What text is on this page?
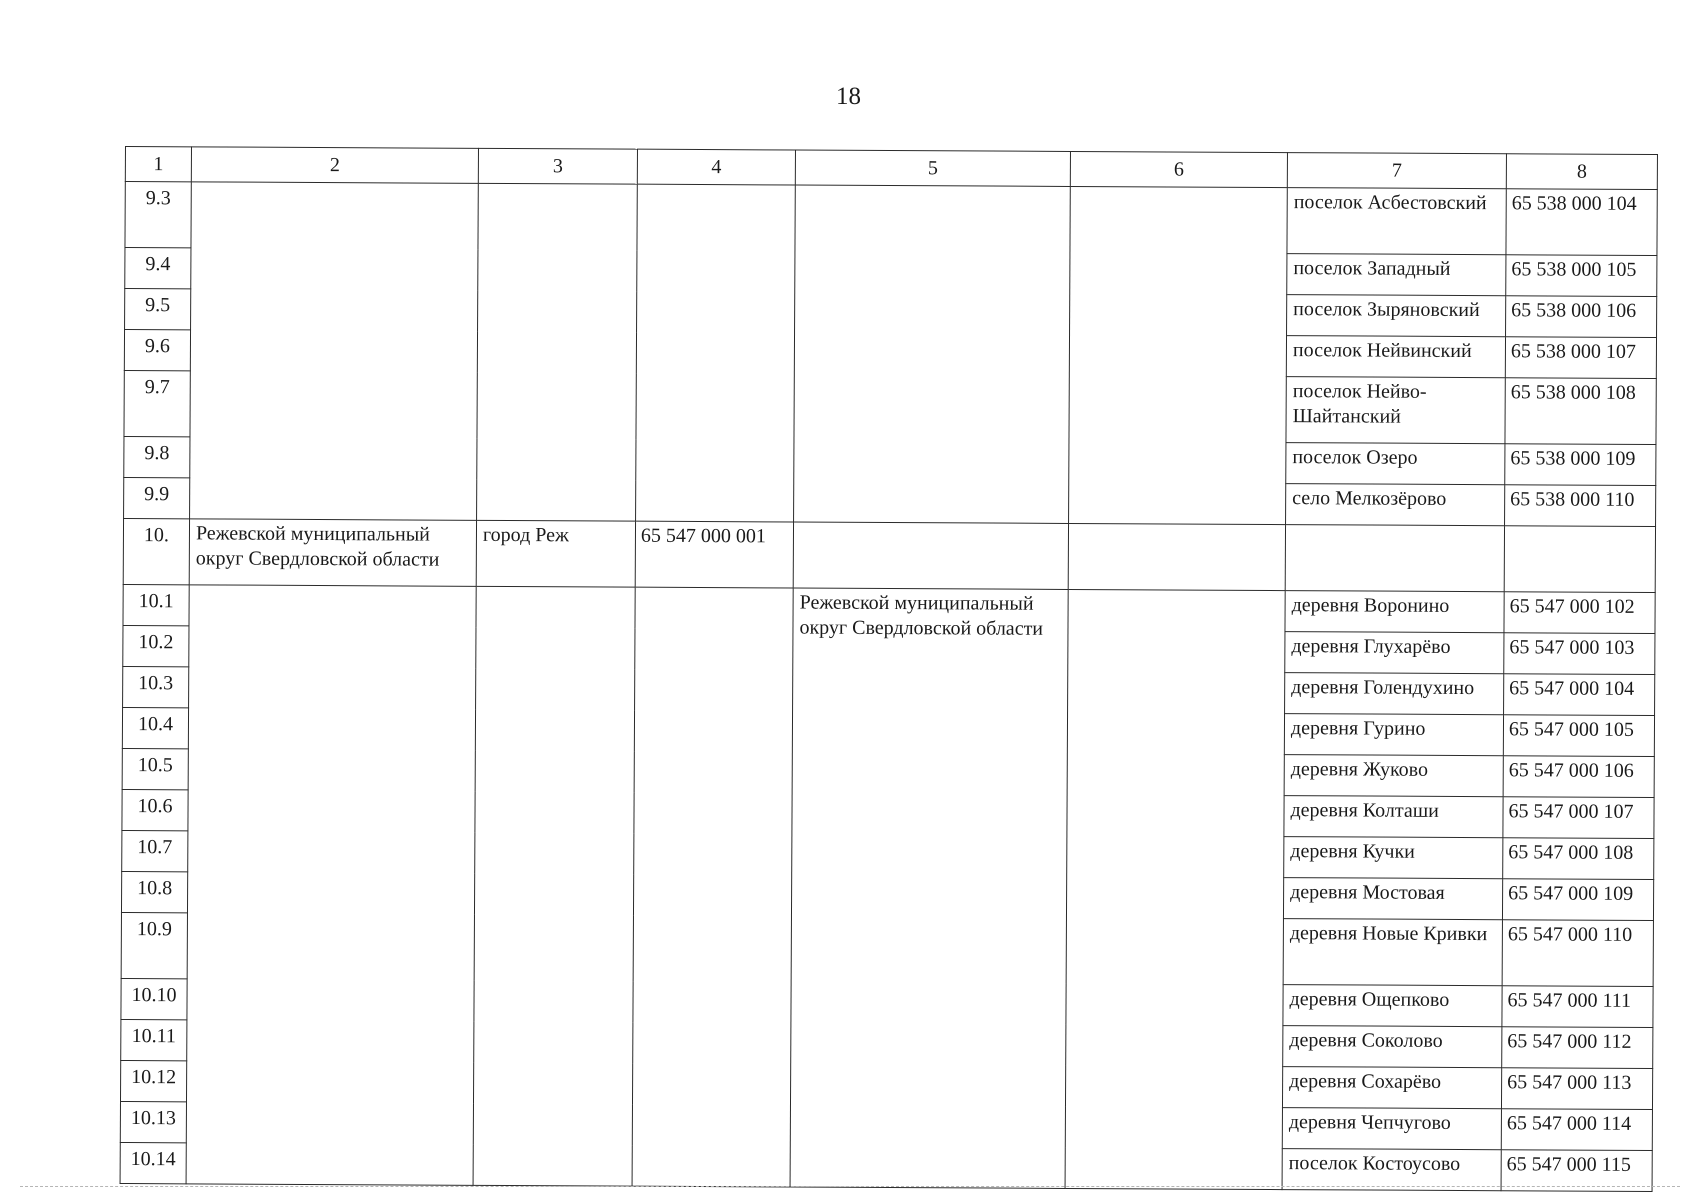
18
1	2	3	4	5	6	7	8
9.3						поселок Асбестовский	65 538 000 104
9.4						поселок Западный	65 538 000 105
9.5						поселок Зыряновский	65 538 000 106
9.6						поселок Нейвинский	65 538 000 107
9.7						поселок Нейво-Шайтанский	65 538 000 108
9.8						поселок Озеро	65 538 000 109
9.9						село Мелкозёрово	65 538 000 110
10.	Режевской муниципальный округ Свердловской области	город Реж	65 547 000 001				
10.1				Режевской муниципальный округ Свердловской области		деревня Воронино	65 547 000 102
10.2						деревня Глухарёво	65 547 000 103
10.3						деревня Голендухино	65 547 000 104
10.4						деревня Гурино	65 547 000 105
10.5						деревня Жуково	65 547 000 106
10.6						деревня Колташи	65 547 000 107
10.7						деревня Кучки	65 547 000 108
10.8						деревня Мостовая	65 547 000 109
10.9						деревня Новые Кривки	65 547 000 110
10.10						деревня Ощепково	65 547 000 111
10.11						деревня Соколово	65 547 000 112
10.12						деревня Сохарёво	65 547 000 113
10.13						деревня Чепчугово	65 547 000 114
10.14						поселок Костоусово	65 547 000 115
